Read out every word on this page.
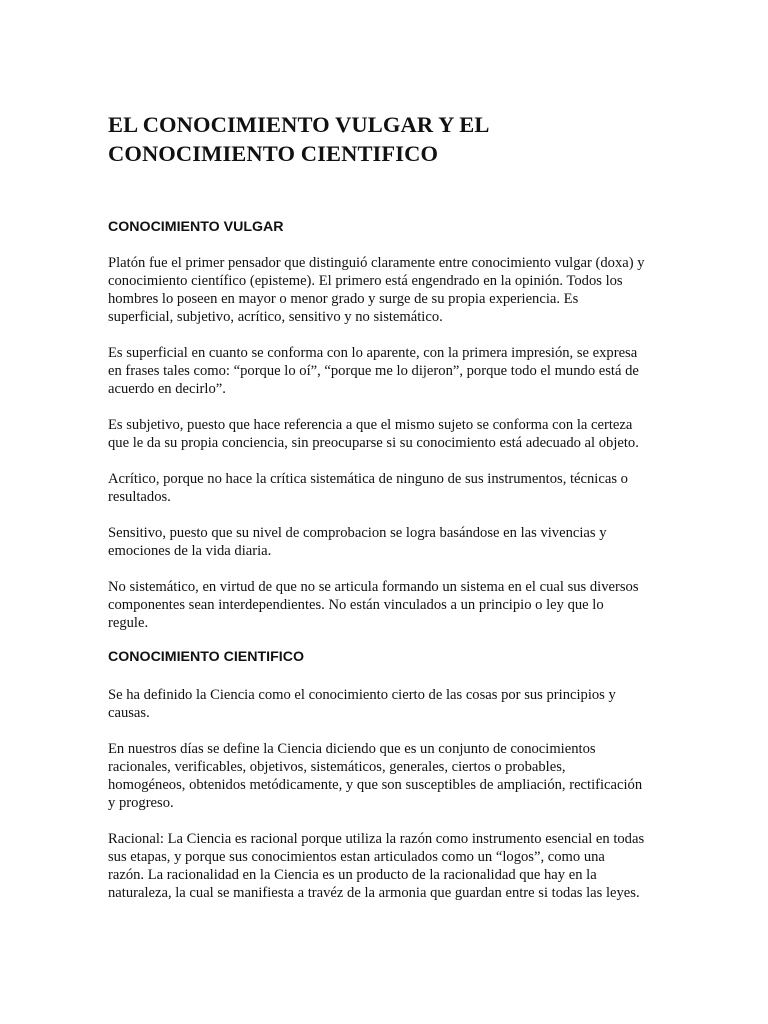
EL CONOCIMIENTO VULGAR Y EL
CONOCIMIENTO CIENTIFICO
CONOCIMIENTO VULGAR

Platón fue el primer pensador que distinguió claramente entre conocimiento vulgar (doxa) y
conocimiento científico (episteme). El primero está engendrado en la opinión. Todos los
hombres lo poseen en mayor o menor grado y surge de su propia experiencia. Es
superficial, subjetivo, acrítico, sensitivo y no sistemático.

Es superficial en cuanto se conforma con lo aparente, con la primera impresión, se expresa
en frases tales como: “porque lo oí”, “porque me lo dijeron”, porque todo el mundo está de
acuerdo en decirlo”.

Es subjetivo, puesto que hace referencia a que el mismo sujeto se conforma con la certeza
que le da su propia conciencia, sin preocuparse si su conocimiento está adecuado al objeto.

Acrítico, porque no hace la crítica sistemática de ninguno de sus instrumentos, técnicas o
resultados.

Sensitivo, puesto que su nivel de comprobacion se logra basándose en las vivencias y
emociones de la vida diaria.

No sistemático, en virtud de que no se articula formando un sistema en el cual sus diversos
componentes sean interdependientes. No están vinculados a un principio o ley que lo
regule.

CONOCIMIENTO CIENTIFICO

Se ha definido la Ciencia como el conocimiento cierto de las cosas por sus principios y
causas.

En nuestros días se define la Ciencia diciendo que es un conjunto de conocimientos
racionales, verificables, objetivos, sistemáticos, generales, ciertos o probables,
homogéneos, obtenidos metódicamente, y que son susceptibles de ampliación, rectificación
y progreso.

Racional: La Ciencia es racional porque utiliza la razón como instrumento esencial en todas
sus etapas, y porque sus conocimientos estan articulados como un “logos”, como una
razón. La racionalidad en la Ciencia es un producto de la racionalidad que hay en la
naturaleza, la cual se manifiesta a travéz de la armonia que guardan entre si todas las leyes.
